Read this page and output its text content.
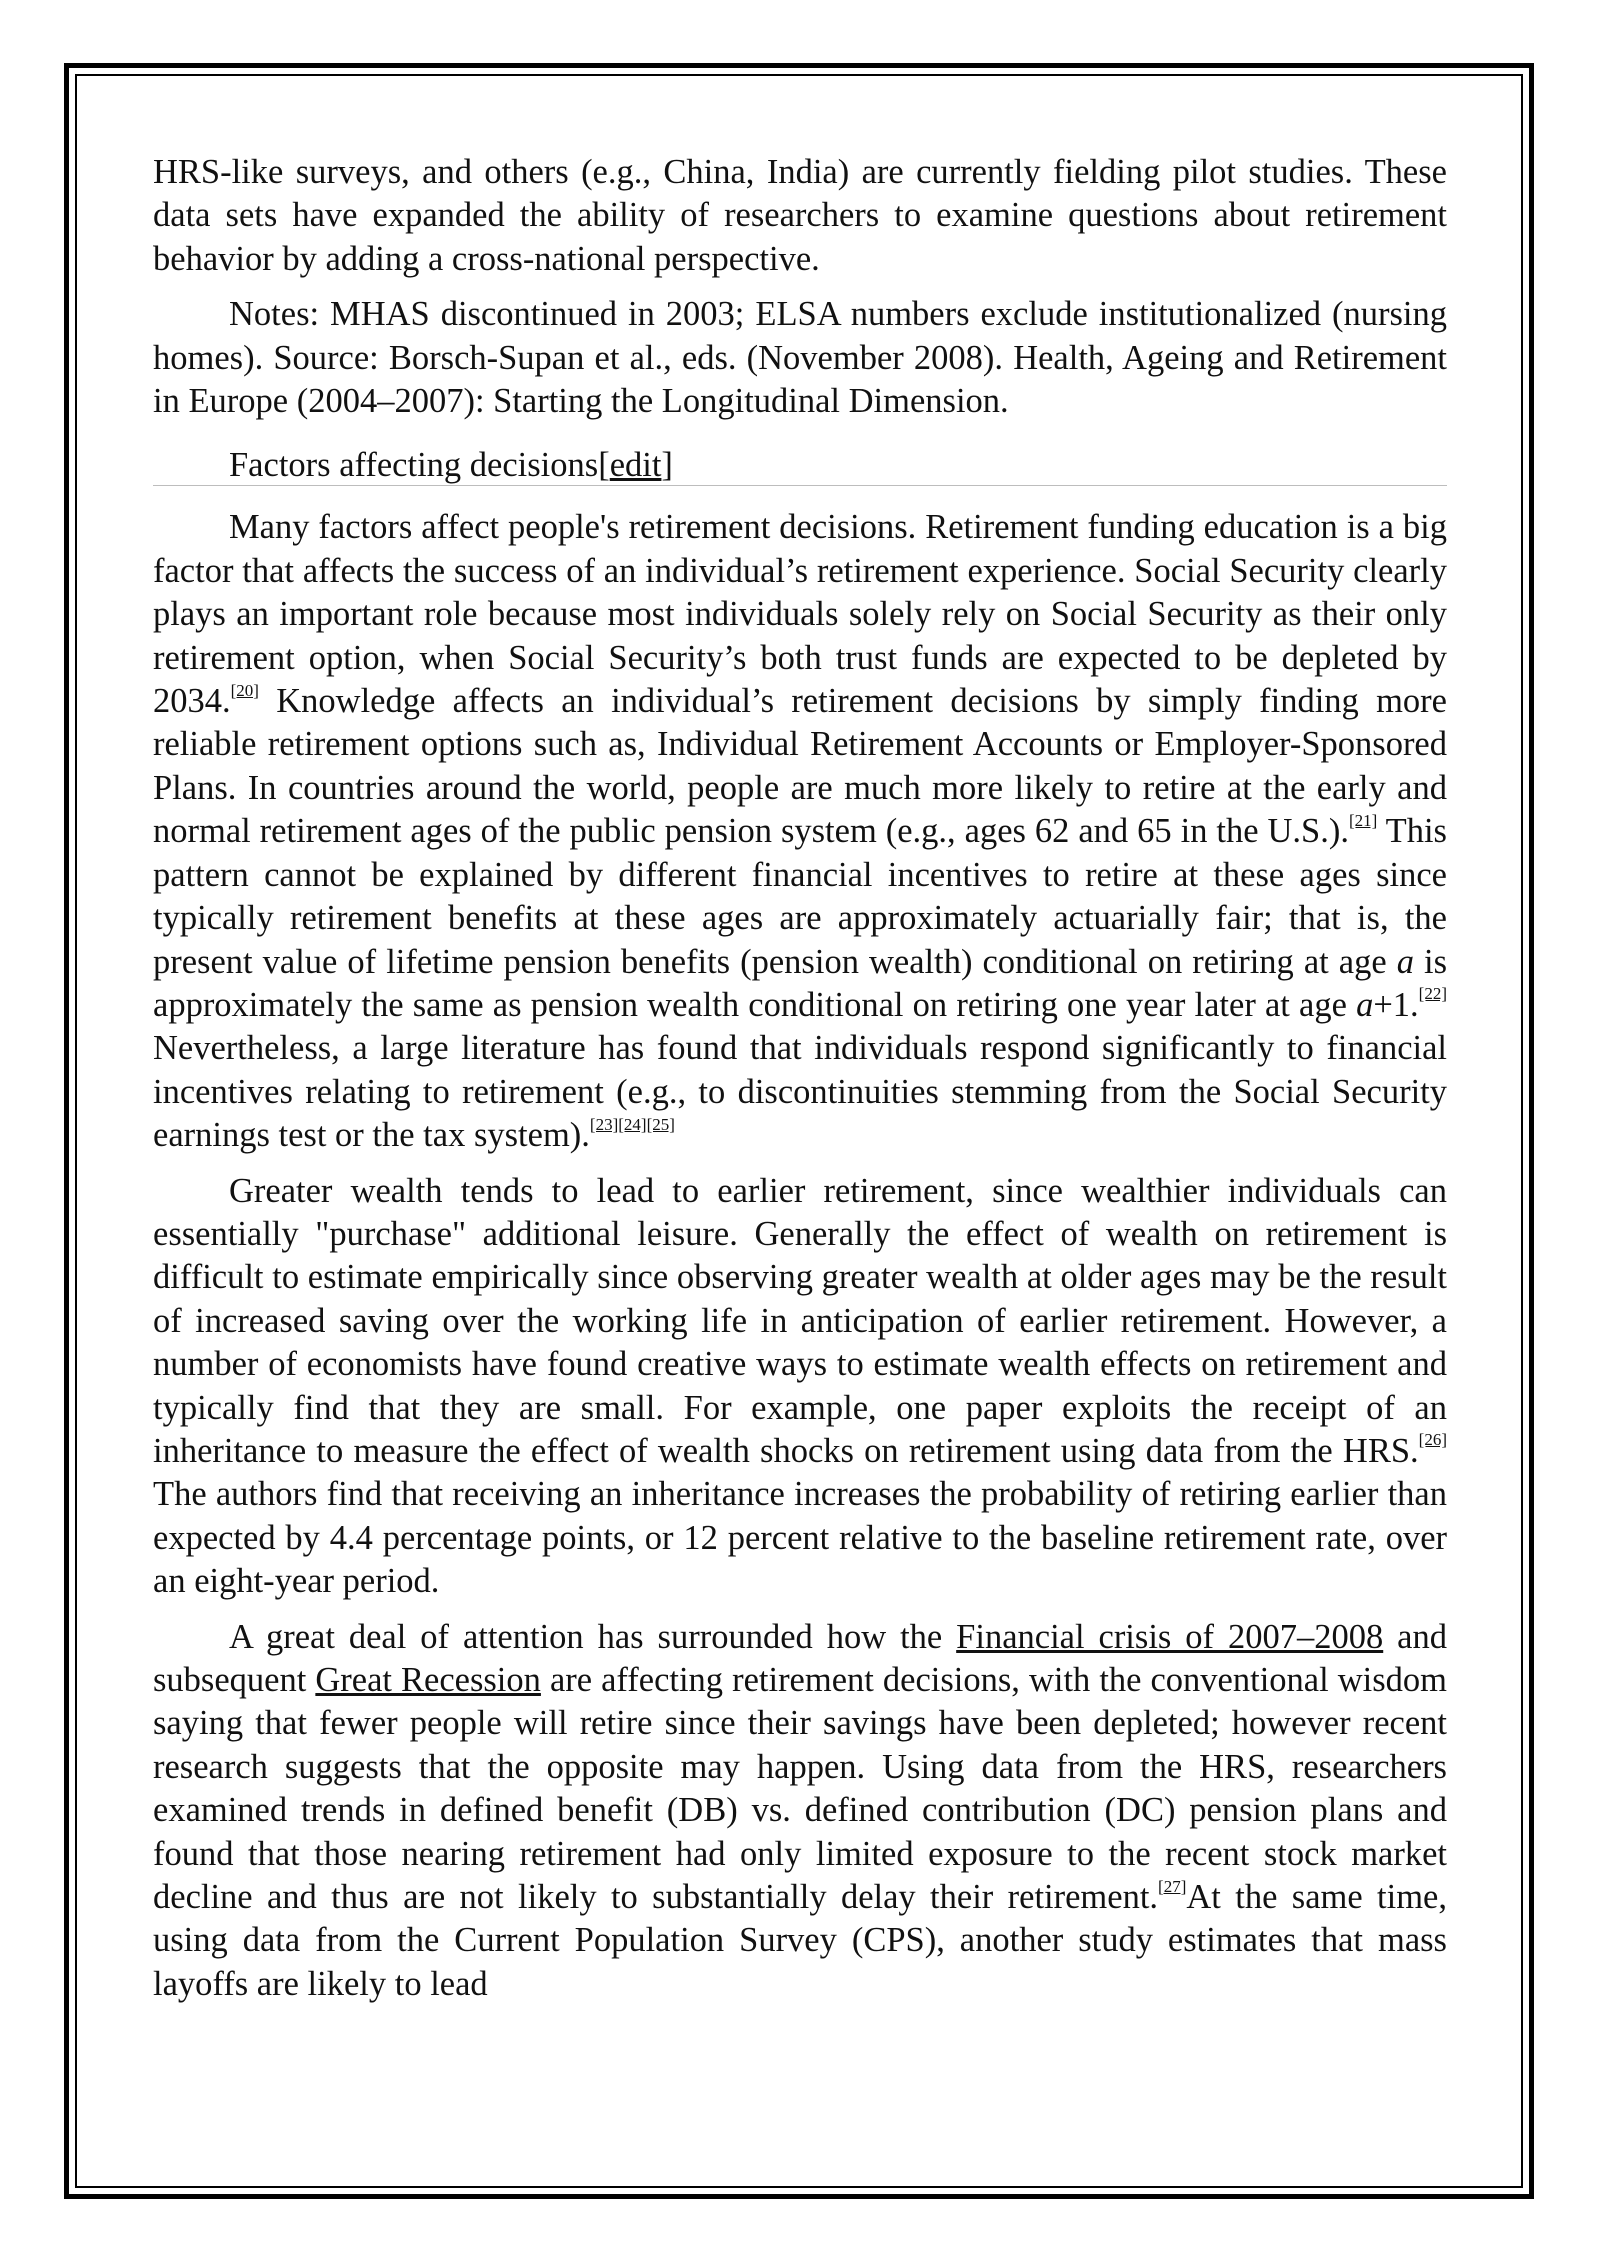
HRS-like surveys, and others (e.g., China, India) are currently fielding pilot studies. These data sets have expanded the ability of researchers to examine questions about retirement behavior by adding a cross-national perspective.

Notes: MHAS discontinued in 2003; ELSA numbers exclude institutionalized (nursing homes). Source: Borsch-Supan et al., eds. (November 2008). Health, Ageing and Retirement in Europe (2004–2007): Starting the Longitudinal Dimension.

Factors affecting decisions[edit]

Many factors affect people's retirement decisions. Retirement funding education is a big factor that affects the success of an individual’s retirement experience. Social Security clearly plays an important role because most individuals solely rely on Social Security as their only retirement option, when Social Security’s both trust funds are expected to be depleted by 2034.[20] Knowledge affects an individual’s retirement decisions by simply finding more reliable retirement options such as, Individual Retirement Accounts or Employer-Sponsored Plans. In countries around the world, people are much more likely to retire at the early and normal retirement ages of the public pension system (e.g., ages 62 and 65 in the U.S.).[21] This pattern cannot be explained by different financial incentives to retire at these ages since typically retirement benefits at these ages are approximately actuarially fair; that is, the present value of lifetime pension benefits (pension wealth) conditional on retiring at age a is approximately the same as pension wealth conditional on retiring one year later at age a+1.[22] Nevertheless, a large literature has found that individuals respond significantly to financial incentives relating to retirement (e.g., to discontinuities stemming from the Social Security earnings test or the tax system).[23][24][25]

Greater wealth tends to lead to earlier retirement, since wealthier individuals can essentially "purchase" additional leisure. Generally the effect of wealth on retirement is difficult to estimate empirically since observing greater wealth at older ages may be the result of increased saving over the working life in anticipation of earlier retirement. However, a number of economists have found creative ways to estimate wealth effects on retirement and typically find that they are small. For example, one paper exploits the receipt of an inheritance to measure the effect of wealth shocks on retirement using data from the HRS.[26] The authors find that receiving an inheritance increases the probability of retiring earlier than expected by 4.4 percentage points, or 12 percent relative to the baseline retirement rate, over an eight-year period.

A great deal of attention has surrounded how the Financial crisis of 2007–2008 and subsequent Great Recession are affecting retirement decisions, with the conventional wisdom saying that fewer people will retire since their savings have been depleted; however recent research suggests that the opposite may happen. Using data from the HRS, researchers examined trends in defined benefit (DB) vs. defined contribution (DC) pension plans and found that those nearing retirement had only limited exposure to the recent stock market decline and thus are not likely to substantially delay their retirement.[27]At the same time, using data from the Current Population Survey (CPS), another study estimates that mass layoffs are likely to lead
